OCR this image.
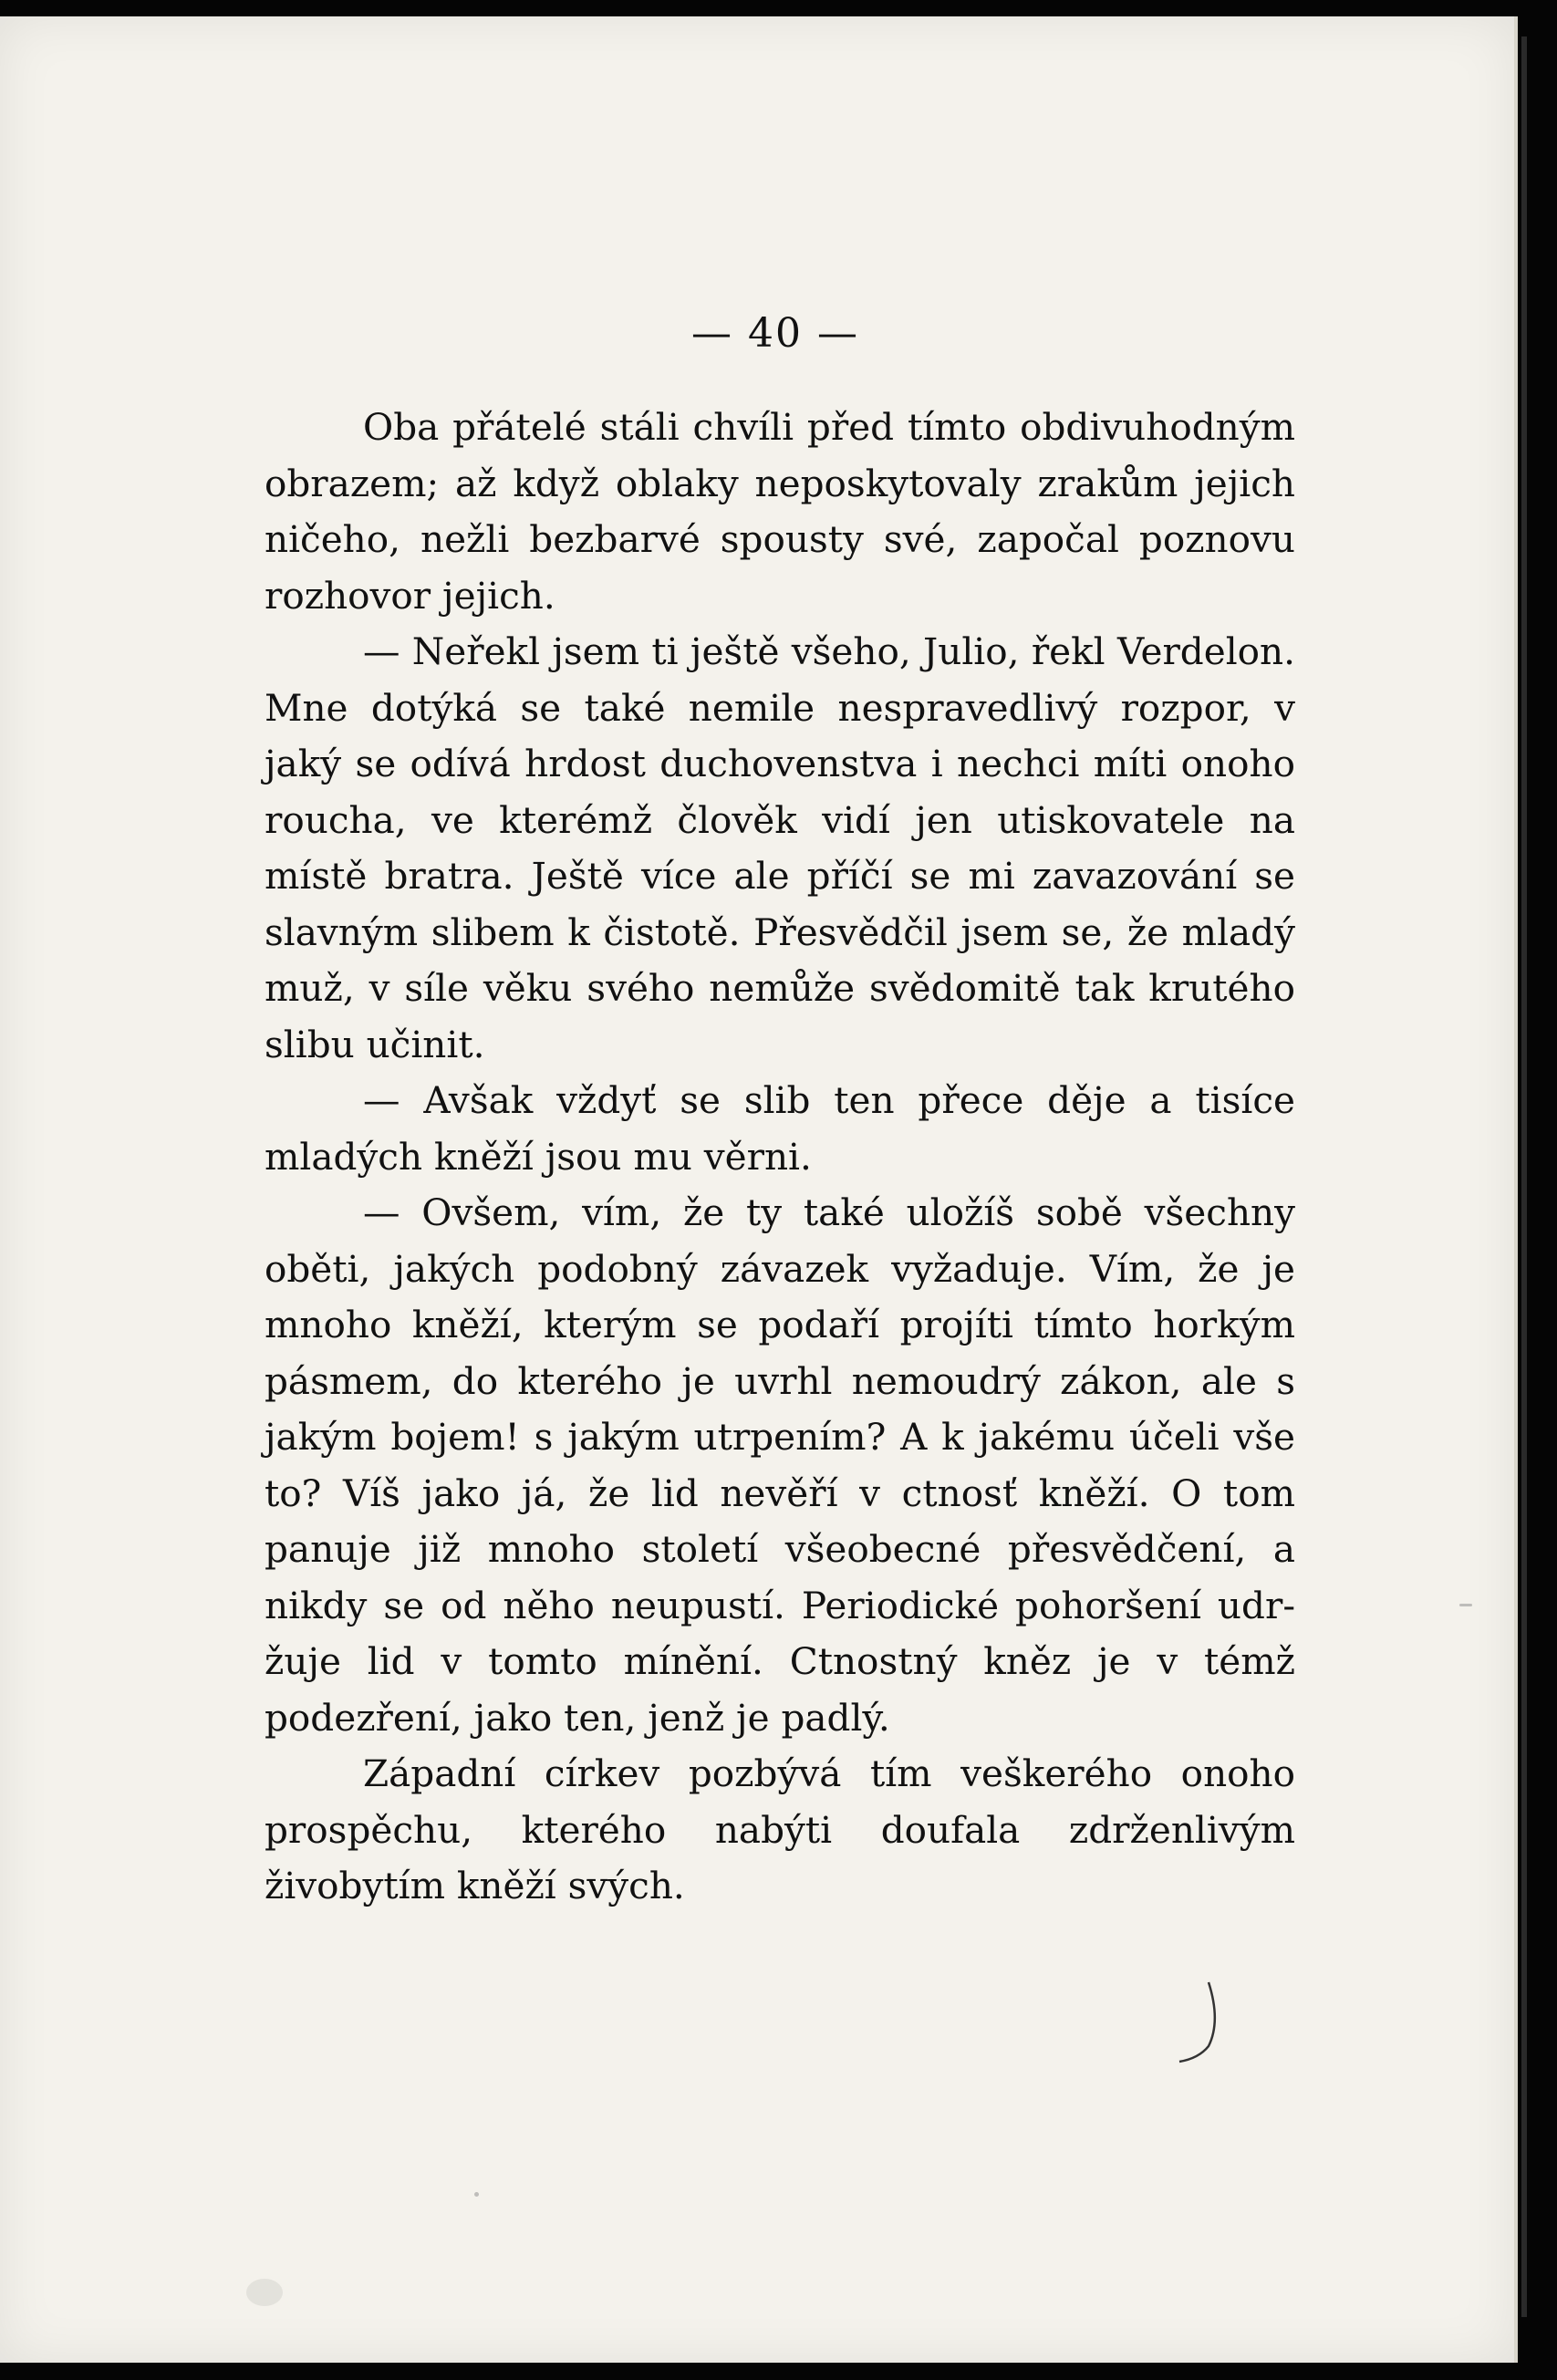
— 40 —

Oba přátelé stáli chvíli před tímto obdivuhodným obrazem; až když oblaky neposkytovaly zrakům jejich ničeho, nežli bezbarvé spousty své, započal poznovu rozhovor jejich.

— Neřekl jsem ti ještě všeho, Julio, řekl Verdelon. Mne dotýká se také nemile nespravedlivý rozpor, v jaký se odívá hrdost duchovenstva i nechci míti onoho roucha, ve kterémž člověk vidí jen utiskovatele na místě bratra. Ještě více ale příčí se mi zavazování se slavným slibem k čistotě. Přesvědčil jsem se, že mladý muž, v síle věku svého nemůže svědomitě tak krutého slibu učinit.

— Avšak vždyť se slib ten přece děje a tisíce mladých kněží jsou mu věrni.

— Ovšem, vím, že ty také uložíš sobě všechny oběti, jakých podobný závazek vyžaduje. Vím, že je mnoho kněží, kterým se podaří projíti tímto horkým pásmem, do kterého je uvrhl nemoudrý zákon, ale s jakým bojem! s jakým utrpením? A k jakému účeli vše to? Víš jako já, že lid nevěří v ctnosť kněží. O tom panuje již mnoho století všeobecné přesvědčení, a nikdy se od něho neupustí. Periodické pohoršení udržuje lid v tomto mínění. Ctnostný kněz je v témž podezření, jako ten, jenž je padlý.

Západní církev pozbývá tím veškerého onoho prospěchu, kterého nabýti doufala zdrženlivým živobytím kněží svých.
